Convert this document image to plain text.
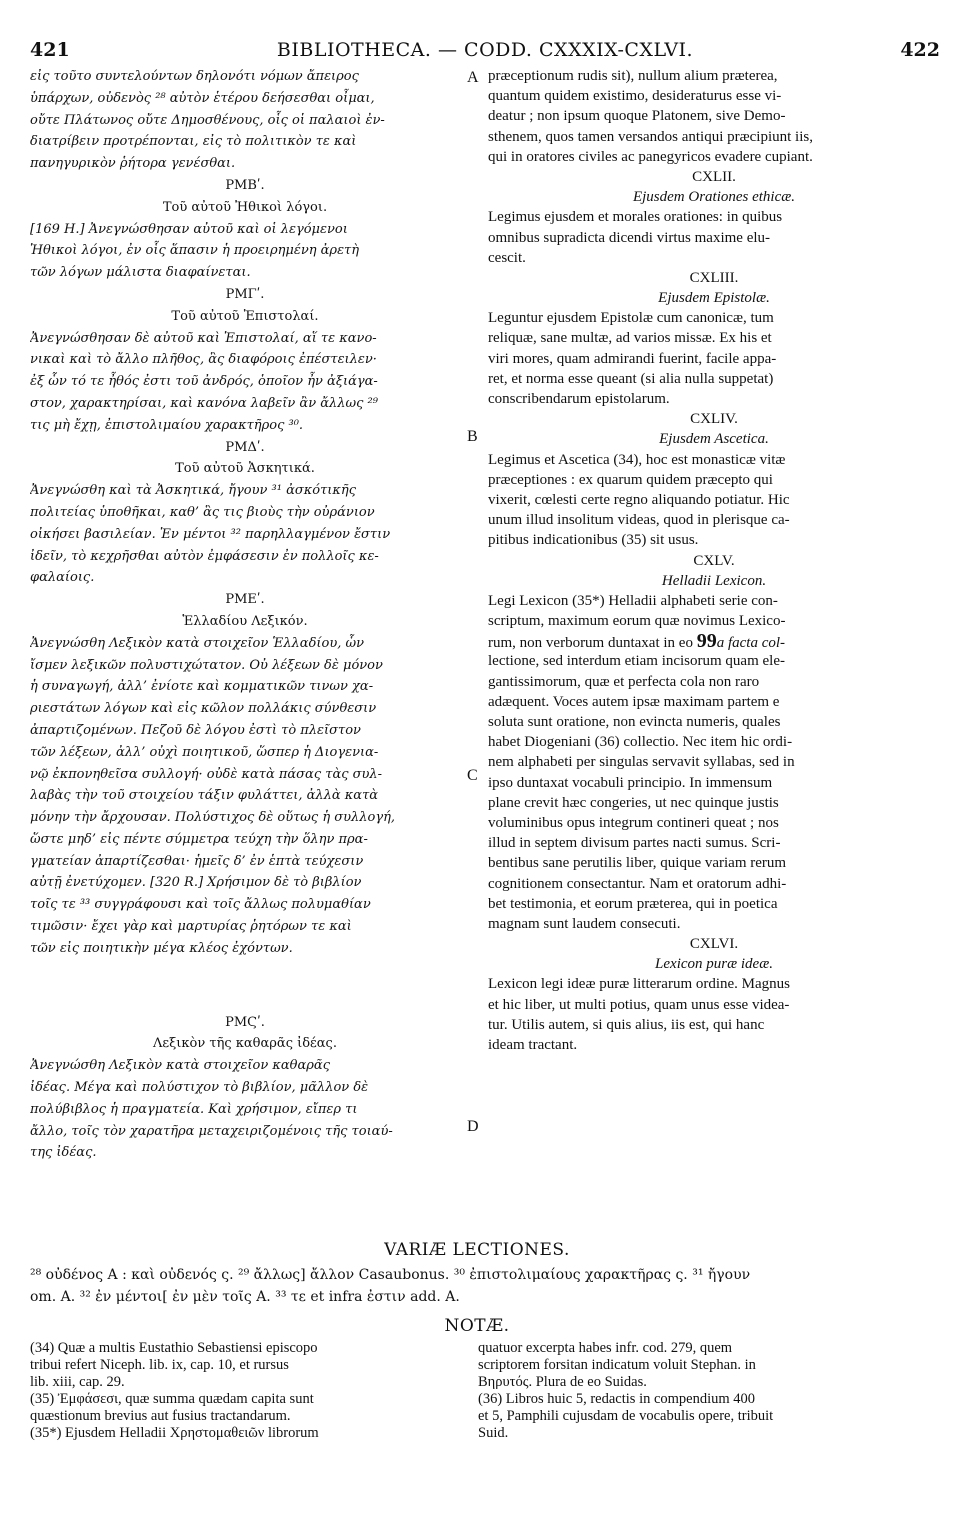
421	BIBLIOTHECA. — CODD. CXXXIX-CXLVI.	422
A
B
C
D
εἰς τοῦτο συντελούντων δηλονότι νόμων ἄπειρος
ὑπάρχων, οὐδενὸς ²⁸ αὐτὸν ἑτέρου δεήσεσθαι οἶμαι,
οὔτε Πλάτωνος οὔτε Δημοσθένους, οἷς οἱ παλαιοὶ ἐν-
διατρίβειν προτρέπονται, εἰς τὸ πολιτικὸν τε καὶ
πανηγυρικὸν ῥήτορα γενέσθαι.
ΡΜΒʹ.
Τοῦ αὐτοῦ Ἠθικοὶ λόγοι.
[169 H.] Ἀνεγνώσθησαν αὐτοῦ καὶ οἱ λεγόμενοι
Ἠθικοὶ λόγοι, ἐν οἷς ἅπασιν ἡ προειρημένη ἀρετὴ
τῶν λόγων μάλιστα διαφαίνεται.
ΡΜΓʹ.
Τοῦ αὐτοῦ Ἐπιστολαί.
Ἀνεγνώσθησαν δὲ αὐτοῦ καὶ Ἐπιστολαί, αἵ τε κανο-
νικαὶ καὶ τὸ ἄλλο πλῆθος, ἃς διαφόροις ἐπέστειλεν·
ἐξ ὧν τό τε ἦθός ἐστι τοῦ ἀνδρός, ὁποῖον ἦν ἀξιάγα-
στον, χαρακτηρίσαι, καὶ κανόνα λαβεῖν ἂν ἄλλως ²⁹
τις μὴ ἔχῃ, ἐπιστολιμαίου χαρακτῆρος ³⁰.
ΡΜΔʹ.
Τοῦ αὐτοῦ Ἀσκητικά.
Ἀνεγνώσθη καὶ τὰ Ἀσκητικά, ἤγουν ³¹ ἀσκότικῆς
πολιτείας ὑποθῆκαι, καθ’ ἃς τις βιοὺς τὴν οὐράνιον
οἰκήσει βασιλείαν. Ἐν μέντοι ³² παρηλλαγμένον ἔστιν
ἰδεῖν, τὸ κεχρῆσθαι αὐτὸν ἐμφάσεσιν ἐν πολλοῖς κε-
φαλαίοις.
ΡΜΕʹ.
Ἑλλαδίου Λεξικόν.
Ἀνεγνώσθη Λεξικὸν κατὰ στοιχεῖον Ἑλλαδίου, ὧν
ἴσμεν λεξικῶν πολυστιχώτατον. Οὐ λέξεων δὲ μόνον
ἡ συναγωγή, ἀλλ’ ἐνίοτε καὶ κομματικῶν τινων χα-
ριεστάτων λόγων καὶ εἰς κῶλον πολλάκις σύνθεσιν
ἀπαρτιζομένων. Πεζοῦ δὲ λόγου ἐστὶ τὸ πλεῖστον
τῶν λέξεων, ἀλλ’ οὐχὶ ποιητικοῦ, ὥσπερ ἡ Διογενια-
νῷ ἐκπονηθεῖσα συλλογή· οὐδὲ κατὰ πάσας τὰς συλ-
λαβὰς τὴν τοῦ στοιχείου τάξιν φυλάττει, ἀλλὰ κατὰ
μόνην τὴν ἄρχουσαν. Πολύστιχος δὲ οὕτως ἡ συλλογή,
ὥστε μηδ’ εἰς πέντε σύμμετρα τεύχη τὴν ὅλην πρα-
γματείαν ἀπαρτίζεσθαι· ἡμεῖς δ’ ἐν ἑπτὰ τεύχεσιν
αὐτῇ ἐνετύχομεν. [320 R.] Χρήσιμον δὲ τὸ βιβλίον
τοῖς τε ³³ συγγράφουσι καὶ τοῖς ἄλλως πολυμαθίαν
τιμῶσιν· ἔχει γὰρ καὶ μαρτυρίας ῥητόρων τε καὶ
τῶν εἰς ποιητικὴν μέγα κλέος ἐχόντων.
ΡΜϚʹ.
Λεξικὸν τῆς καθαρᾶς ἰδέας.
Ἀνεγνώσθη Λεξικὸν κατὰ στοιχεῖον καθαρᾶς
ἰδέας. Μέγα καὶ πολύστιχον τὸ βιβλίον, μᾶλλον δὲ
πολύβιβλος ἡ πραγματεία. Καὶ χρήσιμον, εἴπερ τι
ἄλλο, τοῖς τὸν χαρατῆρα μεταχειριζομένοις τῆς τοιαύ-
της ἰδέας.
præceptionum rudis sit), nullum alium præterea,
quantum quidem existimo, desideraturus esse vi-
deatur ; non ipsum quoque Platonem, sive Demo-
sthenem, quos tamen versandos antiqui præcipiunt iis,
qui in oratores civiles ac panegyricos evadere cupiant.
CXLII.
Ejusdem Orationes ethicæ.
Legimus ejusdem et morales orationes: in quibus
omnibus supradicta dicendi virtus maxime elu-
cescit.
CXLIII.
Ejusdem Epistolæ.
Leguntur ejusdem Epistolæ cum canonicæ, tum
reliquæ, sane multæ, ad varios missæ. Ex his et
viri mores, quam admirandi fuerint, facile appa-
ret, et norma esse queant (si alia nulla suppetat)
conscribendarum epistolarum.
CXLIV.
Ejusdem Ascetica.
Legimus et Ascetica (34), hoc est monasticæ vitæ
præceptiones : ex quarum quidem præcepto qui
vixerit, cœlesti certe regno aliquando potiatur. Hic
unum illud insolitum videas, quod in plerisque ca-
pitibus indicationibus (35) sit usus.
CXLV.
Helladii Lexicon.
Legi Lexicon (35*) Helladii alphabeti serie con-
scriptum, maximum eorum quæ novimus Lexico-
rum, non verborum duntaxat in eo 99a facta col-
lectione, sed interdum etiam incisorum quam ele-
gantissimorum, quæ et perfecta cola non raro
adæquent. Voces autem ipsæ maximam partem e
soluta sunt oratione, non evincta numeris, quales
habet Diogeniani (36) collectio. Nec item hic ordi-
nem alphabeti per singulas servavit syllabas, sed in
ipso duntaxat vocabuli principio. In immensum
plane crevit hæc congeries, ut nec quinque justis
voluminibus opus integrum contineri queat ; nos
illud in septem divisum partes nacti sumus. Scri-
bentibus sane perutilis liber, quique variam rerum
cognitionem consectantur. Nam et oratorum adhi-
bet testimonia, et eorum præterea, qui in poetica
magnam sunt laudem consecuti.
CXLVI.
Lexicon puræ ideæ.
Lexicon legi ideæ puræ litterarum ordine. Magnus
et hic liber, ut multi potius, quam unus esse videa-
tur. Utilis autem, si quis alius, iis est, qui hanc
ideam tractant.
VARIÆ LECTIONES.
²⁸ οὐδένος A : καὶ οὐδενός ς. ²⁹ ἄλλως] ἄλλον Casaubonus. ³⁰ ἐπιστολιμαίους χαρακτῆρας ς. ³¹ ἤγουν
om. A. ³² ἐν μέντοι[ ἐν μὲν τοῖς A. ³³ τε et infra ἐστιν add. A.
NOTÆ.
(34) Quæ a multis Eustathio Sebastiensi episcopo
tribui refert Niceph. lib. ix, cap. 10, et rursus
lib. xiii, cap. 29.
(35) Ἐμφάσεσι, quæ summa quædam capita sunt
quæstionum brevius aut fusius tractandarum.
(35*) Ejusdem Helladii Χρηστομαθειῶν librorum
quatuor excerpta habes infr. cod. 279, quem
scriptorem forsitan indicatum voluit Stephan. in
Βηρυτός. Plura de eo Suidas.
(36) Libros huic 5, redactis in compendium 400
et 5, Pamphili cujusdam de vocabulis opere, tribuit
Suid.
